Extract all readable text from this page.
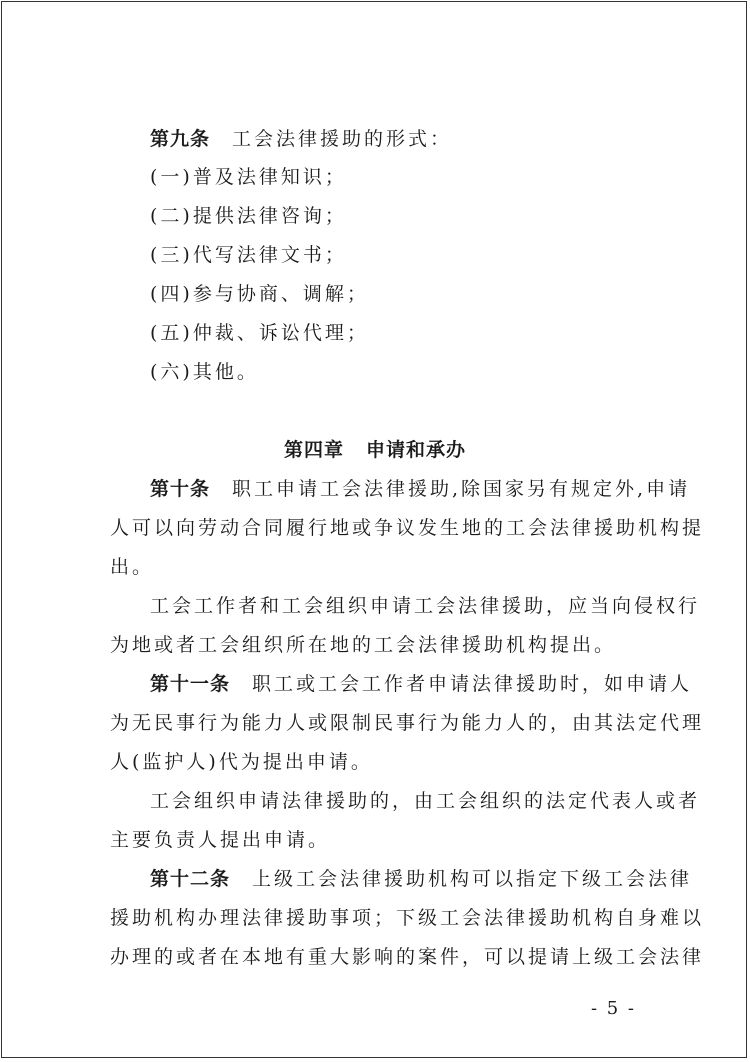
第九条 工会法律援助的形式：

(一)普及法律知识；

(二)提供法律咨询；

(三)代写法律文书；

(四)参与协商、调解；

(五)仲裁、诉讼代理；

(六)其他。

第四章 申请和承办

第十条 职工申请工会法律援助,除国家另有规定外,申请

人可以向劳动合同履行地或争议发生地的工会法律援助机构提

出。

工会工作者和工会组织申请工会法律援助，应当向侵权行

为地或者工会组织所在地的工会法律援助机构提出。

第十一条 职工或工会工作者申请法律援助时，如申请人

为无民事行为能力人或限制民事行为能力人的，由其法定代理

人(监护人)代为提出申请。

工会组织申请法律援助的，由工会组织的法定代表人或者

主要负责人提出申请。

第十二条 上级工会法律援助机构可以指定下级工会法律

援助机构办理法律援助事项；下级工会法律援助机构自身难以

办理的或者在本地有重大影响的案件，可以提请上级工会法律

- 5 -
